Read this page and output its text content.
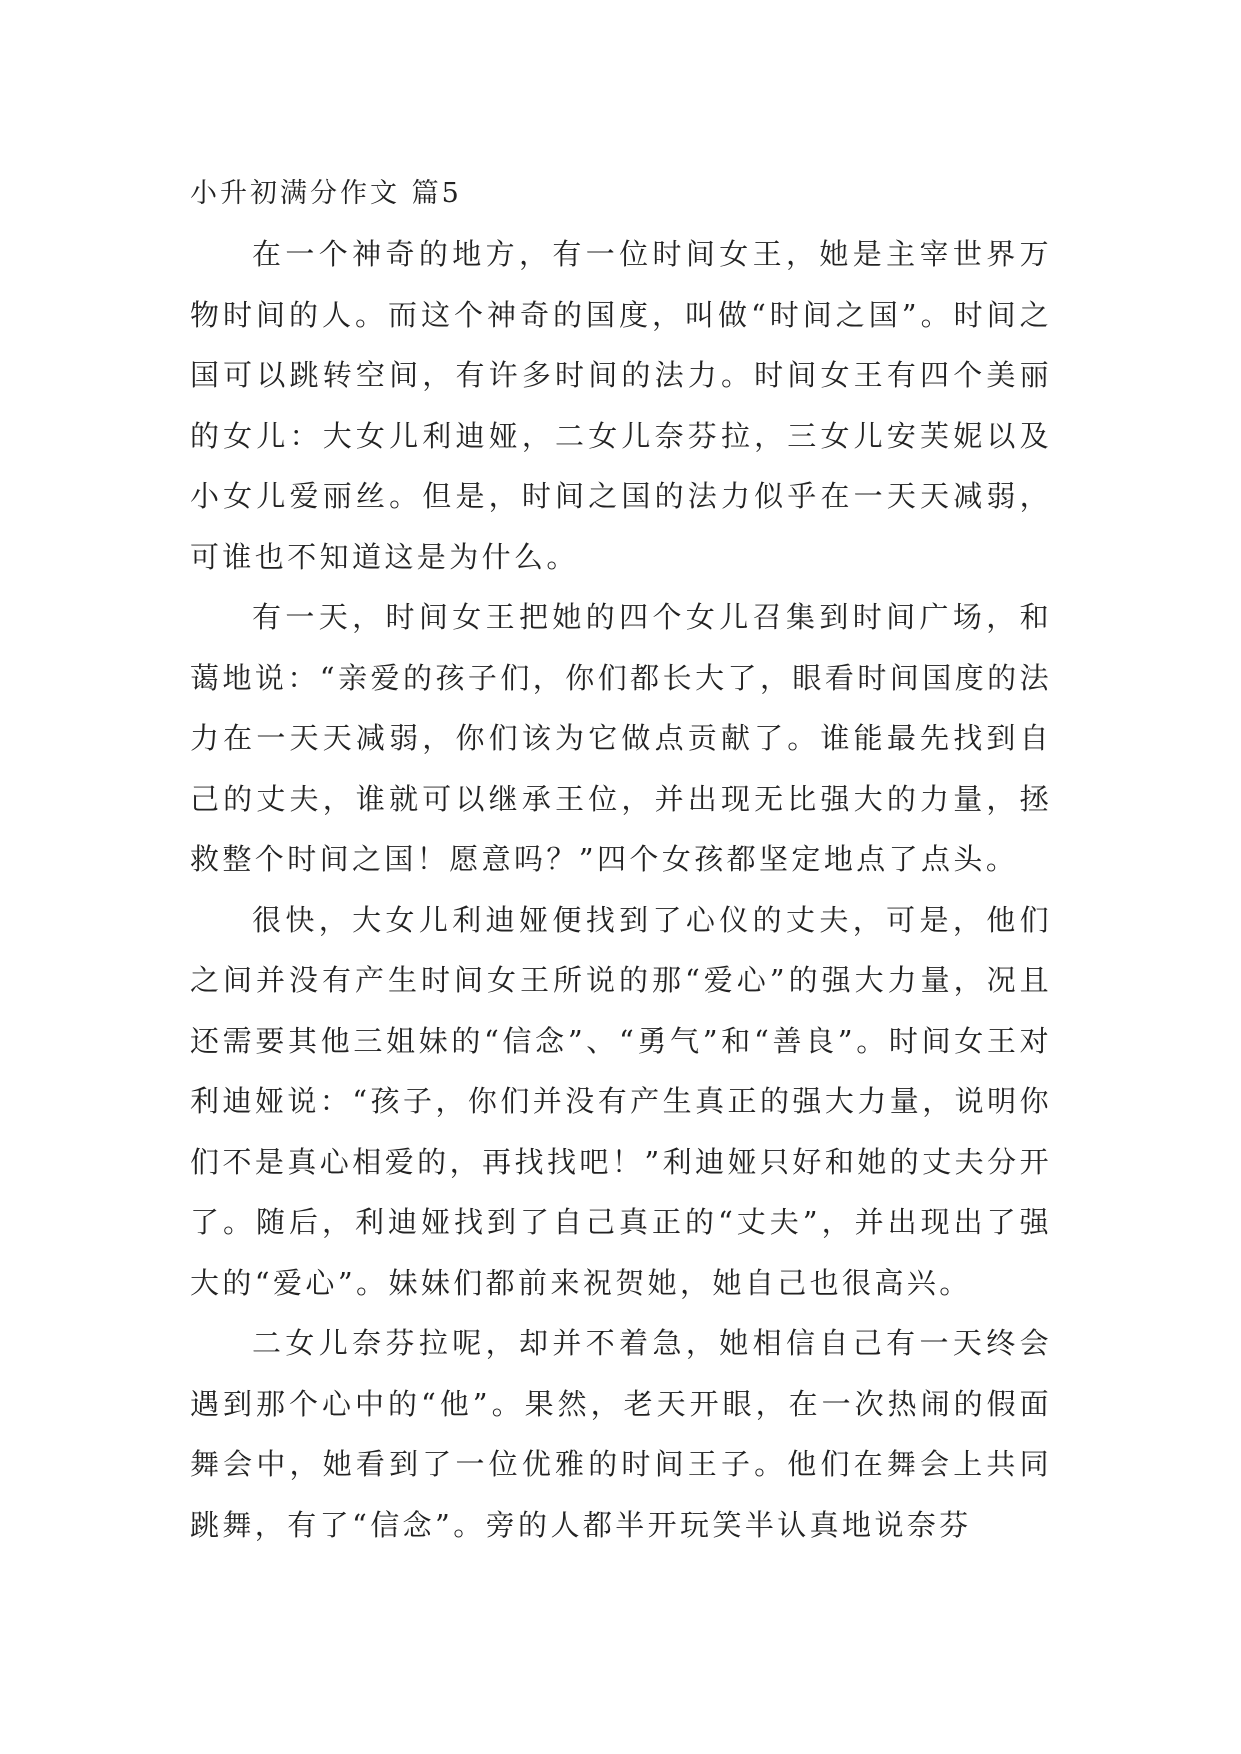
小升初满分作文 篇5

在一个神奇的地方，有一位时间女王，她是主宰世界万物时间的人。而这个神奇的国度，叫做“时间之国”。时间之国可以跳转空间，有许多时间的法力。时间女王有四个美丽的女儿：大女儿利迪娅，二女儿奈芬拉，三女儿安芙妮以及小女儿爱丽丝。但是，时间之国的法力似乎在一天天减弱，可谁也不知道这是为什么。

有一天，时间女王把她的四个女儿召集到时间广场，和蔼地说：“亲爱的孩子们，你们都长大了，眼看时间国度的法力在一天天减弱，你们该为它做点贡献了。谁能最先找到自己的丈夫，谁就可以继承王位，并出现无比强大的力量，拯救整个时间之国！愿意吗？”四个女孩都坚定地点了点头。

很快，大女儿利迪娅便找到了心仪的丈夫，可是，他们之间并没有产生时间女王所说的那“爱心”的强大力量，况且还需要其他三姐妹的“信念”、“勇气”和“善良”。时间女王对利迪娅说：“孩子，你们并没有产生真正的强大力量，说明你们不是真心相爱的，再找找吧！”利迪娅只好和她的丈夫分开了。随后，利迪娅找到了自己真正的“丈夫”，并出现出了强大的“爱心”。妹妹们都前来祝贺她，她自己也很高兴。

二女儿奈芬拉呢，却并不着急，她相信自己有一天终会遇到那个心中的“他”。果然，老天开眼，在一次热闹的假面舞会中，她看到了一位优雅的时间王子。他们在舞会上共同跳舞，有了“信念”。旁的人都半开玩笑半认真地说奈芬
